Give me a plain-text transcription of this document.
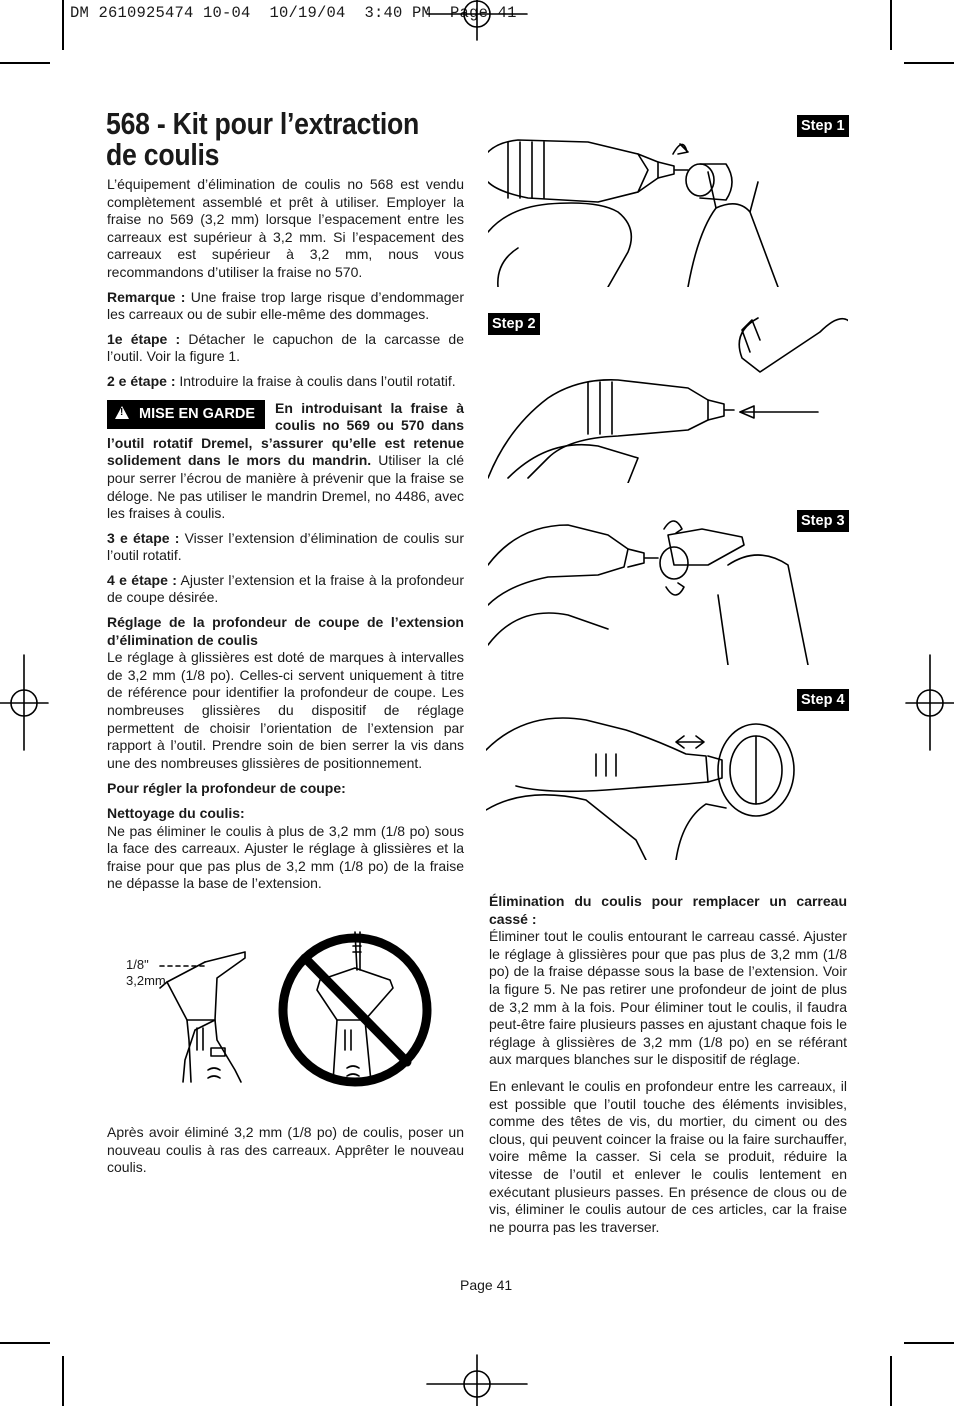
DM 2610925474 10-04  10/19/04  3:40 PM  Page 41
568 - Kit pour l’extraction de coulis

L’équipement d’élimination de coulis no 568 est vendu complètement assemblé et prêt à utiliser. Employer la fraise no 569 (3,2 mm) lorsque l’espacement entre les carreaux est supérieur à 3,2 mm. Si l’espacement des carreaux est supérieur à 3,2 mm, nous vous recommandons d’utiliser la fraise no 570.

Remarque : Une fraise trop large risque d’endommager les carreaux ou de subir elle-même des dommages.

1e étape : Détacher le capuchon de la carcasse de l’outil. Voir la figure 1.

2 e étape : Introduire la fraise à coulis dans l’outil rotatif.

!MISE EN GARDE	En introduisant la fraise à coulis no 569 ou 570 dans l’outil rotatif Dremel, s’assurer qu’elle est retenue solidement dans le mors du mandrin. Utiliser la clé pour serrer l’écrou de manière à prévenir que la fraise se déloge. Ne pas utiliser le mandrin Dremel, no 4486, avec les fraises à coulis.

3 e étape : Visser l’extension d’élimination de coulis sur l’outil rotatif.

4 e étape : Ajuster l’extension et la fraise à la profondeur de coupe désirée.

Réglage de la profondeur de coupe de l’extension d’élimination de coulis
Le réglage à glissières est doté de marques à intervalles de 3,2 mm (1/8 po). Celles-ci servent uniquement à titre de référence pour identifier la profondeur de coupe. Les nombreuses glissières du dispositif de réglage permettent de choisir l’orientation de l’extension par rapport à l’outil. Prendre soin de bien serrer la vis dans une des nombreuses glissières de positionnement.

Pour régler la profondeur de coupe:

Nettoyage du coulis:
Ne pas éliminer le coulis à plus de 3,2 mm (1/8 po) sous la face des carreaux. Ajuster le réglage à glissières et la fraise pour que pas plus de 3,2 mm (1/8 po) de la fraise ne dépasse la base de l’extension.

1/8"
3,2mm

Après avoir éliminé 3,2 mm (1/8 po) de coulis, poser un nouveau coulis à ras des carreaux. Apprêter le nouveau coulis.

Step 1
Step 2
Step 3
Step 4

Élimination du coulis pour remplacer un carreau cassé :
Éliminer tout le coulis entourant le carreau cassé. Ajuster le réglage à glissières pour que pas plus de 3,2 mm (1/8 po) de la fraise dépasse sous la base de l’extension. Voir la figure 5. Ne pas retirer une profondeur de joint de plus de 3,2 mm à la fois. Pour éliminer tout le coulis, il faudra peut-être faire plusieurs passes en ajustant chaque fois le réglage à glissières de 3,2 mm (1/8 po) en se référant aux marques blanches sur le dispositif de réglage.

En enlevant le coulis en profondeur entre les carreaux, il est possible que l’outil touche des éléments invisibles, comme des têtes de vis, du mortier, du ciment ou des clous, qui peuvent coincer la fraise ou la faire surchauffer, voire même la casser. Si cela se produit, réduire la vitesse de l’outil et enlever le coulis lentement en exécutant plusieurs passes. En présence de clous ou de vis, éliminer le coulis autour de ces articles, car la fraise ne pourra pas les traverser.

Page 41
